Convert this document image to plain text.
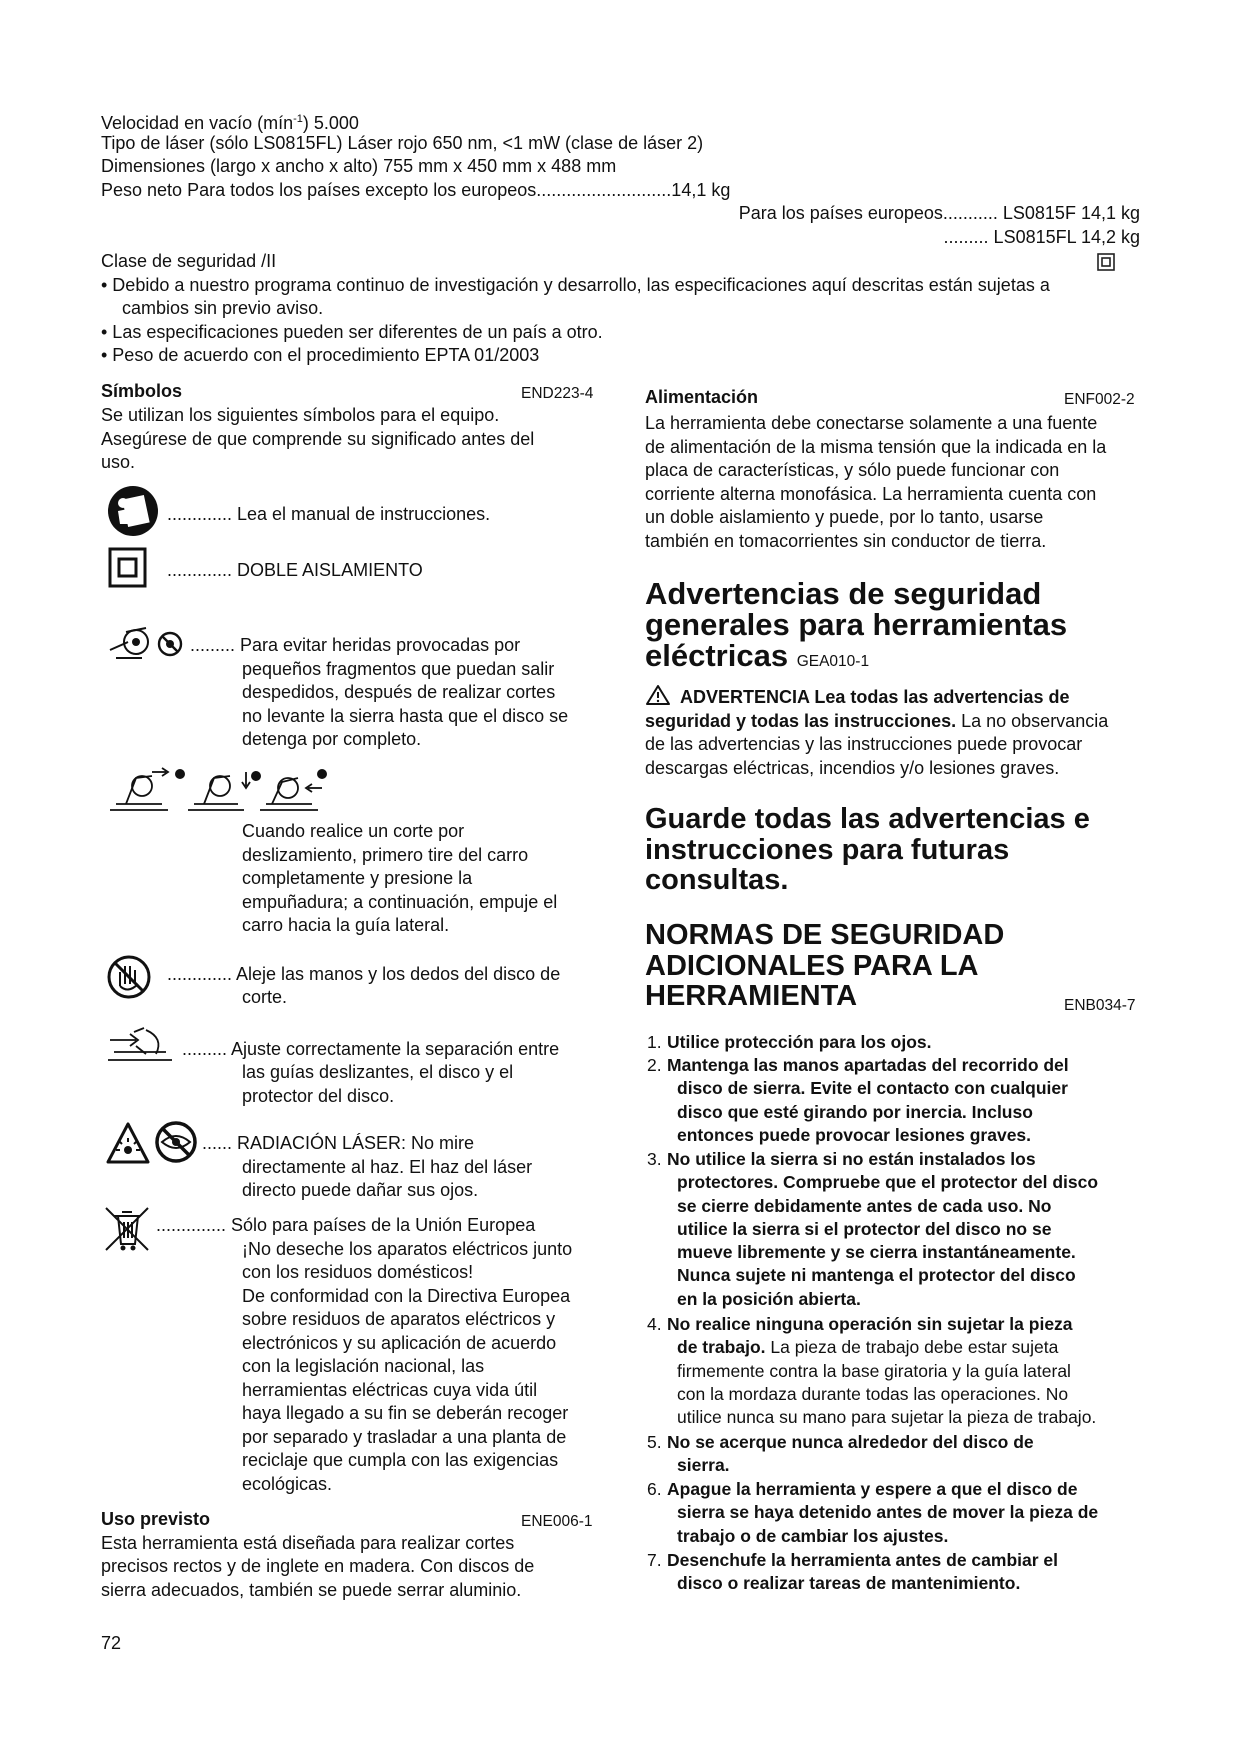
Velocidad en vacío (mín$^{-1}$) 5.000
Tipo de láser (sólo LS0815FL) Láser rojo 650 nm, <1 mW (clase de láser 2)
Dimensiones (largo x ancho x alto) 755 mm x 450 mm x 488 mm
Peso neto Para todos los países excepto los europeos...........................14,1 kg
Para los países europeos........... LS0815F 14,1 kg
......... LS0815FL 14,2 kg
Clase de seguridad /II
• Debido a nuestro programa continuo de investigación y desarrollo, las especificaciones aquí descritas están sujetas a
cambios sin previo aviso.
• Las especificaciones pueden ser diferentes de un país a otro.
• Peso de acuerdo con el procedimiento EPTA 01/2003
Símbolos	END223-4
Se utilizan los siguientes símbolos para el equipo.
Asegúrese de que comprende su significado antes del
uso.
............. Lea el manual de instrucciones.
............. DOBLE AISLAMIENTO
......... Para evitar heridas provocadas por
pequeños fragmentos que puedan salir
despedidos, después de realizar cortes
no levante la sierra hasta que el disco se
detenga por completo.
Cuando realice un corte por
deslizamiento, primero tire del carro
completamente y presione la
empuñadura; a continuación, empuje el
carro hacia la guía lateral.
............. Aleje las manos y los dedos del disco de
corte.
......... Ajuste correctamente la separación entre
las guías deslizantes, el disco y el
protector del disco.
...... RADIACIÓN LÁSER: No mire
directamente al haz. El haz del láser
directo puede dañar sus ojos.
.............. Sólo para países de la Unión Europea
¡No deseche los aparatos eléctricos junto
con los residuos domésticos!
De conformidad con la Directiva Europea
sobre residuos de aparatos eléctricos y
electrónicos y su aplicación de acuerdo
con la legislación nacional, las
herramientas eléctricas cuya vida útil
haya llegado a su fin se deberán recoger
por separado y trasladar a una planta de
reciclaje que cumpla con las exigencias
ecológicas.
Uso previsto	ENE006-1
Esta herramienta está diseñada para realizar cortes
precisos rectos y de inglete en madera. Con discos de
sierra adecuados, también se puede serrar aluminio.
72
Alimentación	ENF002-2
La herramienta debe conectarse solamente a una fuente
de alimentación de la misma tensión que la indicada en la
placa de características, y sólo puede funcionar con
corriente alterna monofásica. La herramienta cuenta con
un doble aislamiento y puede, por lo tanto, usarse
también en tomacorrientes sin conductor de tierra.
Advertencias de seguridad
generales para herramientas
eléctricas GEA010-1
ADVERTENCIA Lea todas las advertencias de
seguridad y todas las instrucciones. La no observancia
de las advertencias y las instrucciones puede provocar
descargas eléctricas, incendios y/o lesiones graves.
Guarde todas las advertencias e
instrucciones para futuras
consultas.
NORMAS DE SEGURIDAD
ADICIONALES PARA LA
HERRAMIENTA	ENB034-7
1. Utilice protección para los ojos.
2. Mantenga las manos apartadas del recorrido del
disco de sierra. Evite el contacto con cualquier
disco que esté girando por inercia. Incluso
entonces puede provocar lesiones graves.
3. No utilice la sierra si no están instalados los
protectores. Compruebe que el protector del disco
se cierre debidamente antes de cada uso. No
utilice la sierra si el protector del disco no se
mueve libremente y se cierra instantáneamente.
Nunca sujete ni mantenga el protector del disco
en la posición abierta.
4. No realice ninguna operación sin sujetar la pieza
de trabajo. La pieza de trabajo debe estar sujeta
firmemente contra la base giratoria y la guía lateral
con la mordaza durante todas las operaciones. No
utilice nunca su mano para sujetar la pieza de trabajo.
5. No se acerque nunca alrededor del disco de
sierra.
6. Apague la herramienta y espere a que el disco de
sierra se haya detenido antes de mover la pieza de
trabajo o de cambiar los ajustes.
7. Desenchufe la herramienta antes de cambiar el
disco o realizar tareas de mantenimiento.
